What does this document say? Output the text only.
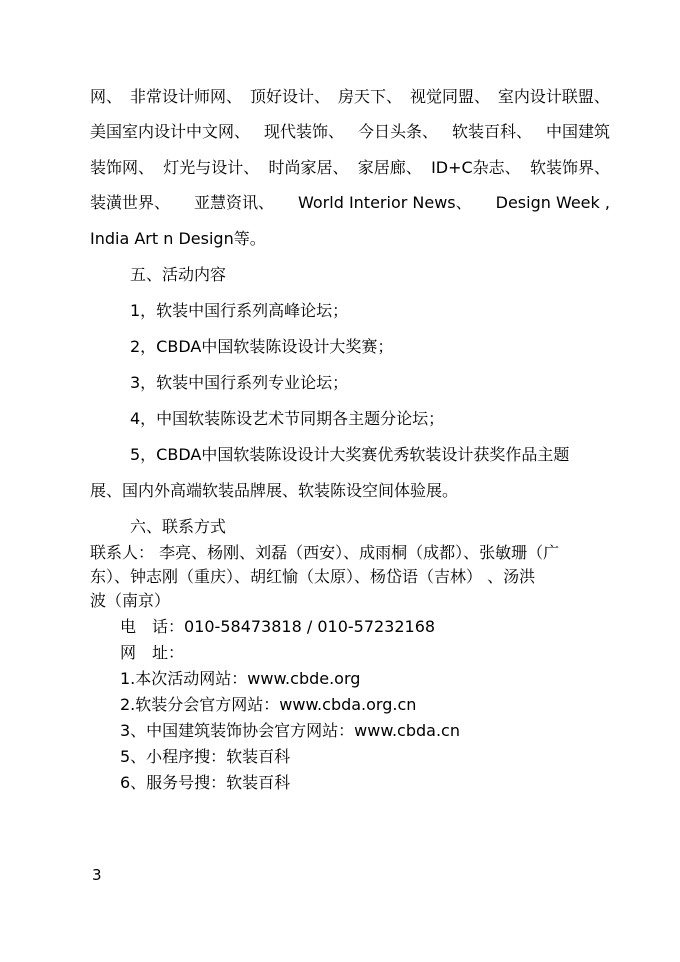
网、 非常设计师网、 顶好设计、 房天下、 视觉同盟、 室内设计联盟、
美国室内设计中文网、 现代装饰、 今日头条、 软装百科、 中国建筑
装饰网、 灯光与设计、 时尚家居、 家居廊、 ID+C杂志、 软装饰界、
装潢世界、 亚慧资讯、 World Interior News、 Design Week ,
India Art n Design等。
五、活动内容
1，软装中国行系列高峰论坛；
2，CBDA中国软装陈设设计大奖赛；
3，软装中国行系列专业论坛；
4，中国软装陈设艺术节同期各主题分论坛；
5，CBDA中国软装陈设设计大奖赛优秀软装设计获奖作品主题
展、国内外高端软装品牌展、软装陈设空间体验展。
六、联系方式
联系人： 李亮、杨刚、刘磊（西安）、成雨桐（成都）、张敏珊（广
东）、钟志刚（重庆）、胡红愉（太原）、杨岱语（吉林） 、汤洪
波（南京）
电　话：010-58473818 / 010-57232168
网　址：
1.本次活动网站：www.cbde.org
2.软装分会官方网站：www.cbda.org.cn
3、中国建筑装饰协会官方网站：www.cbda.cn
5、小程序搜：软装百科
6、服务号搜：软装百科
3
